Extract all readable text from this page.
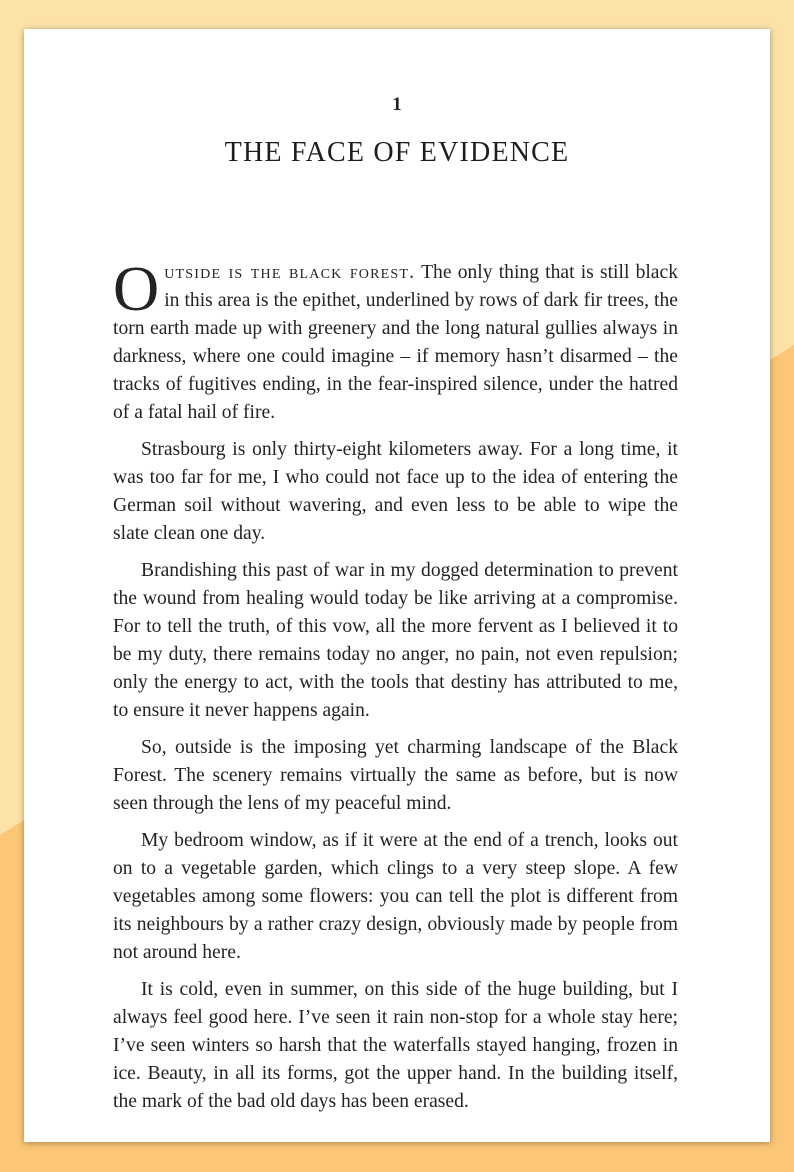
1
THE FACE OF EVIDENCE

Outside is the black forest. The only thing that is still black in this area is the epithet, underlined by rows of dark fir trees, the torn earth made up with greenery and the long natural gullies always in darkness, where one could imagine – if memory hasn’t disarmed – the tracks of fugitives ending, in the fear-inspired silence, under the hatred of a fatal hail of fire.

Strasbourg is only thirty-eight kilometers away. For a long time, it was too far for me, I who could not face up to the idea of entering the German soil without wavering, and even less to be able to wipe the slate clean one day.

Brandishing this past of war in my dogged determination to prevent the wound from healing would today be like arriving at a compromise. For to tell the truth, of this vow, all the more fervent as I believed it to be my duty, there remains today no anger, no pain, not even repulsion; only the energy to act, with the tools that destiny has attributed to me, to ensure it never happens again.

So, outside is the imposing yet charming landscape of the Black Forest. The scenery remains virtually the same as before, but is now seen through the lens of my peaceful mind.

My bedroom window, as if it were at the end of a trench, looks out on to a vegetable garden, which clings to a very steep slope. A few vegetables among some flowers: you can tell the plot is different from its neighbours by a rather crazy design, obviously made by people from not around here.

It is cold, even in summer, on this side of the huge building, but I always feel good here. I’ve seen it rain non-stop for a whole stay here; I’ve seen winters so harsh that the waterfalls stayed hanging, frozen in ice. Beauty, in all its forms, got the upper hand. In the building itself, the mark of the bad old days has been erased.
